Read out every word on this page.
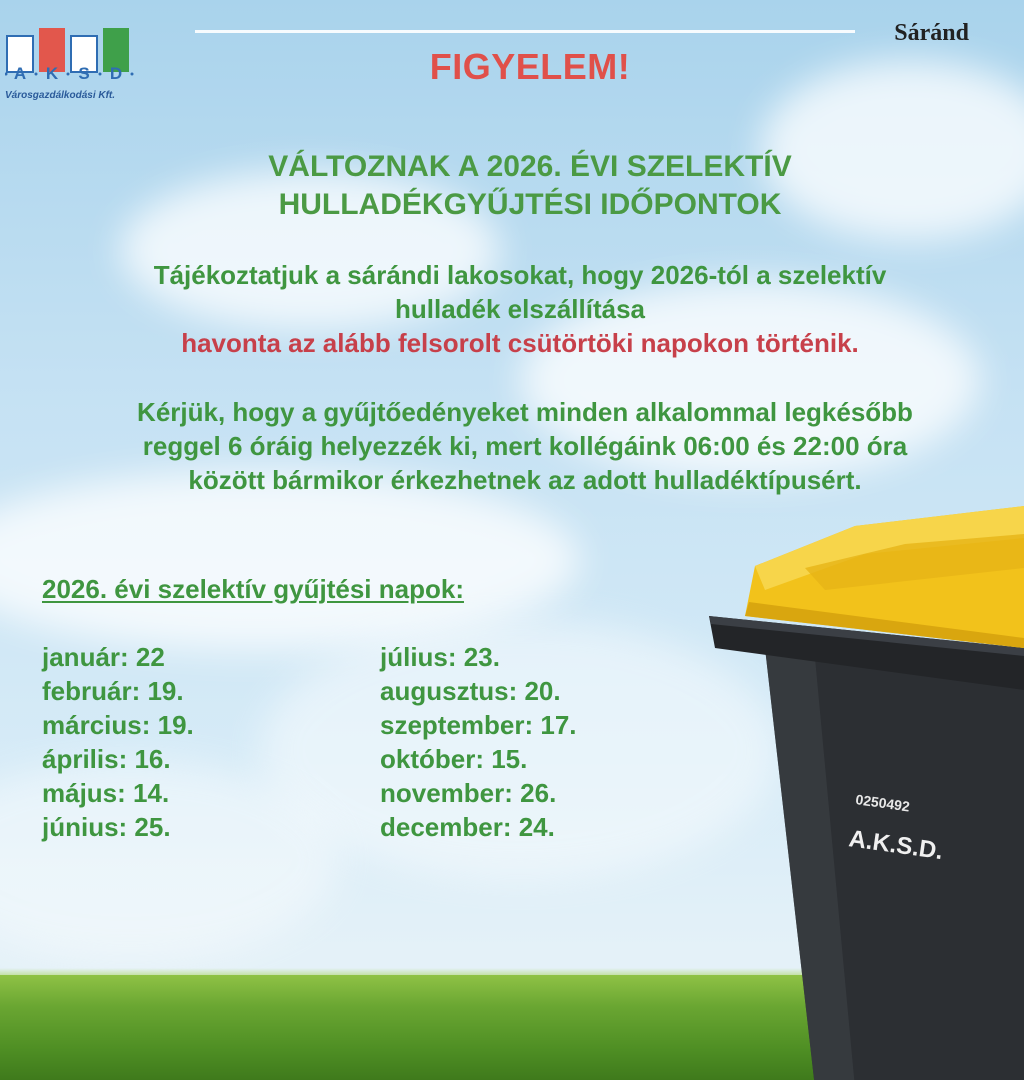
A K S D
Városgazdálkodási Kft.
Sáránd
FIGYELEM!
VÁLTOZNAK A 2026. ÉVI SZELEKTÍV
HULLADÉKGYŰJTÉSI IDŐPONTOK
Tájékoztatjuk a sárándi lakosokat, hogy 2026-tól a szelektív
hulladék elszállítása
havonta az alább felsorolt csütörtöki napokon történik.
Kérjük, hogy a gyűjtőedényeket minden alkalommal legkésőbb
reggel 6 óráig helyezzék ki, mert kollégáink 06:00 és 22:00 óra
között bármikor érkezhetnek az adott hulladéktípusért.
2026. évi szelektív gyűjtési napok:
január: 22
február: 19.
március: 19.
április: 16.
május: 14.
június: 25.
július: 23.
augusztus: 20.
szeptember: 17.
október: 15.
november: 26.
december: 24.
0250492
A.K.S.D.
